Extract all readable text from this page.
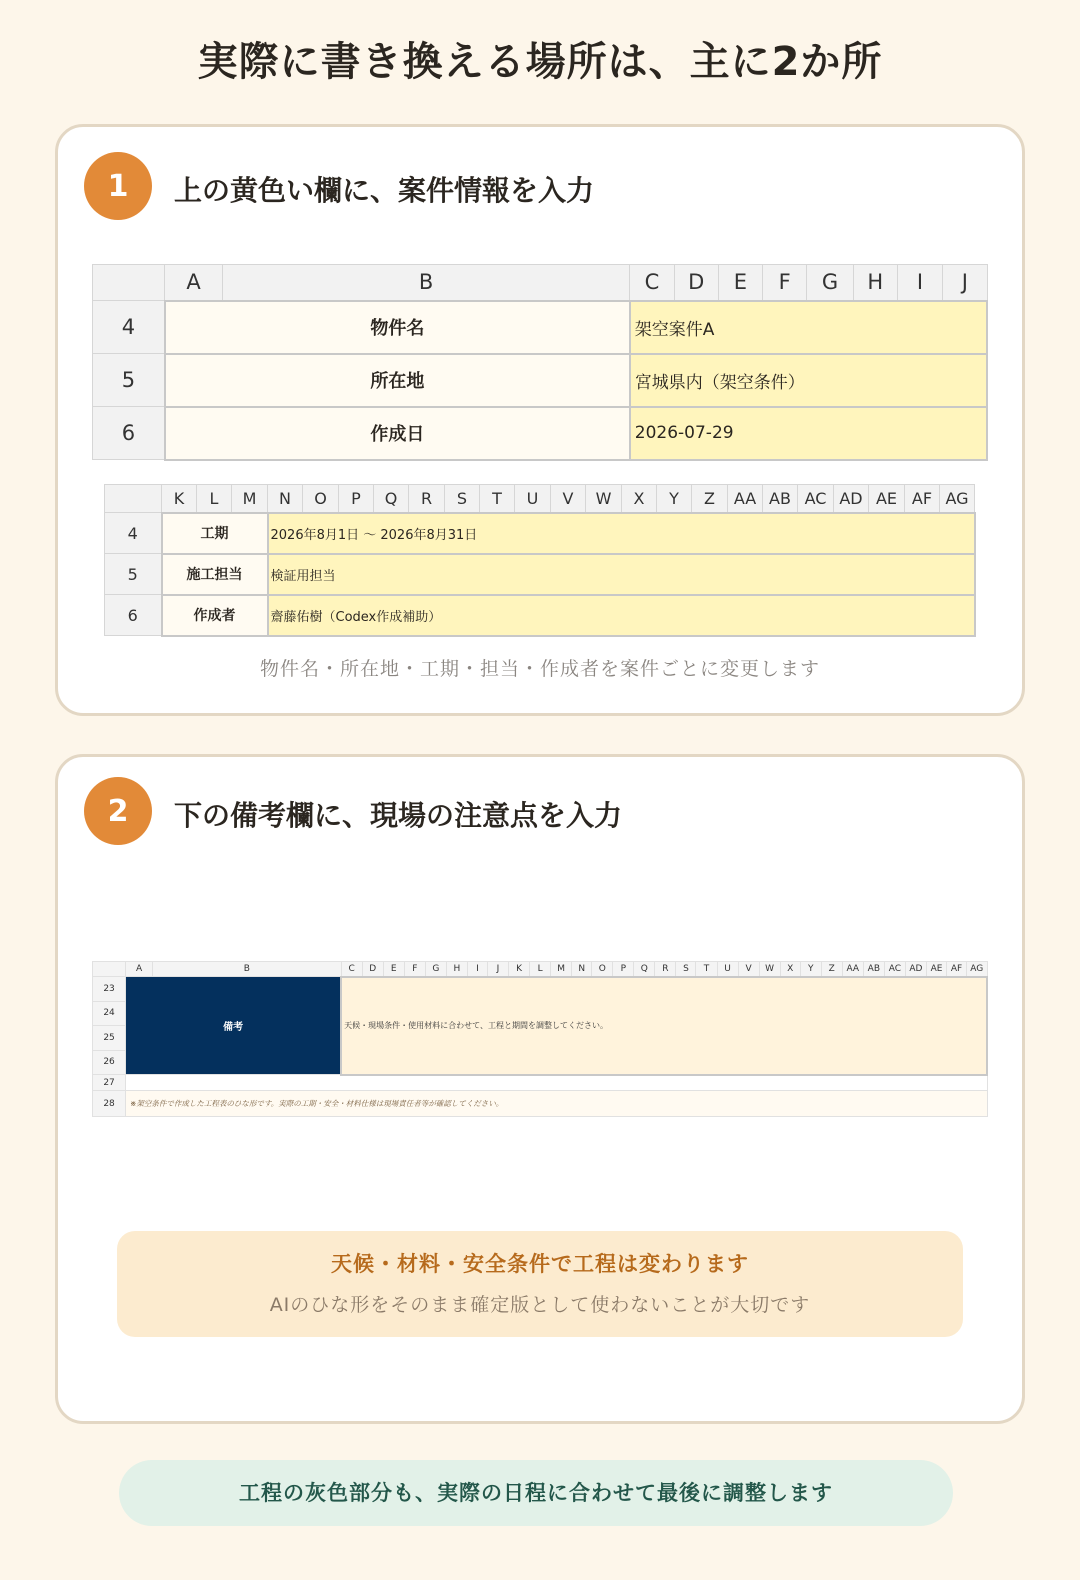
実際に書き換える場所は、主に2か所
1	上の黄色い欄に、案件情報を入力
	A	B	C	D	E	F	G	H	I	J
4	物件名		架空案件A							
5	所在地		宮城県内（架空条件）							
6	作成日		2026-07-29							
	K	L	M	N	O	P	Q	R	S	T	U	V	W	X	Y	Z	AA	AB	AC	AD	AE	AF	AG
4	工期			2026年8月1日 〜 2026年8月31日																			
5	施工担当			検証用担当																			
6	作成者			齋藤佑樹（Codex作成補助）																			
物件名・所在地・工期・担当・作成者を案件ごとに変更します
2	下の備考欄に、現場の注意点を入力
	A	B	C	D	E	F	G	H	I	J	K	L	M	N	O	P	Q	R	S	T	U	V	W	X	Y	Z	AA	AB	AC	AD	AE	AF	AG
23	備考		天候・現場条件・使用材料に合わせて、工程と期間を調整してください。																														
24																																	
25																																	
26																																	
27																																	
28	※架空条件で作成した工程表のひな形です。実際の工期・安全・材料仕様は現場責任者等が確認してください。																																
天候・材料・安全条件で工程は変わります
AIのひな形をそのまま確定版として使わないことが大切です
工程の灰色部分も、実際の日程に合わせて最後に調整します
